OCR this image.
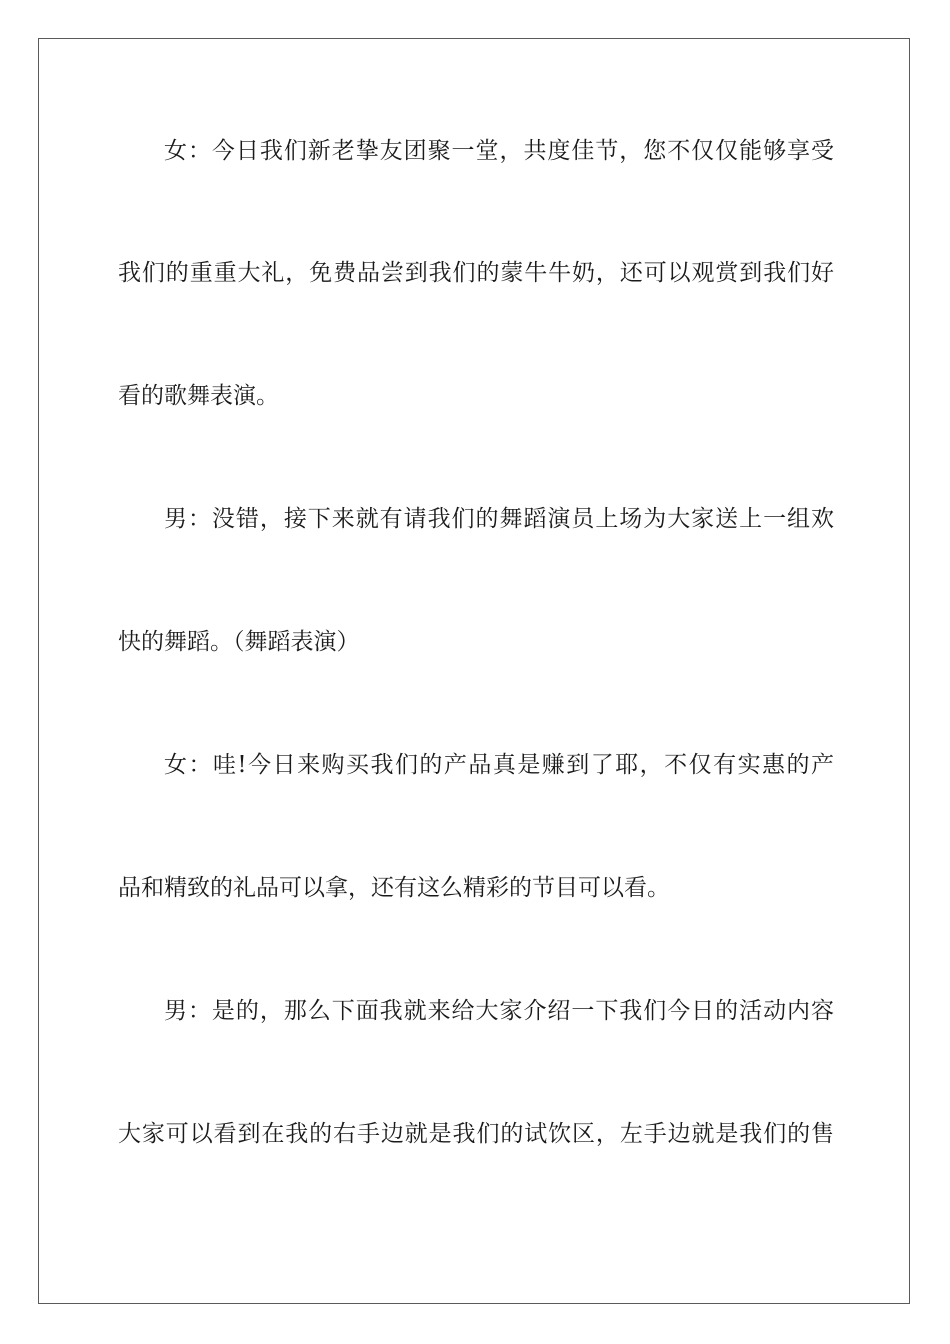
女：今日我们新老挚友团聚一堂，共度佳节，您不仅仅能够享受

我们的重重大礼，免费品尝到我们的蒙牛牛奶，还可以观赏到我们好

看的歌舞表演。

男：没错，接下来就有请我们的舞蹈演员上场为大家送上一组欢

快的舞蹈。（舞蹈表演）

女：哇!今日来购买我们的产品真是赚到了耶，不仅有实惠的产

品和精致的礼品可以拿，还有这么精彩的节目可以看。

男：是的，那么下面我就来给大家介绍一下我们今日的活动内容

大家可以看到在我的右手边就是我们的试饮区，左手边就是我们的售
